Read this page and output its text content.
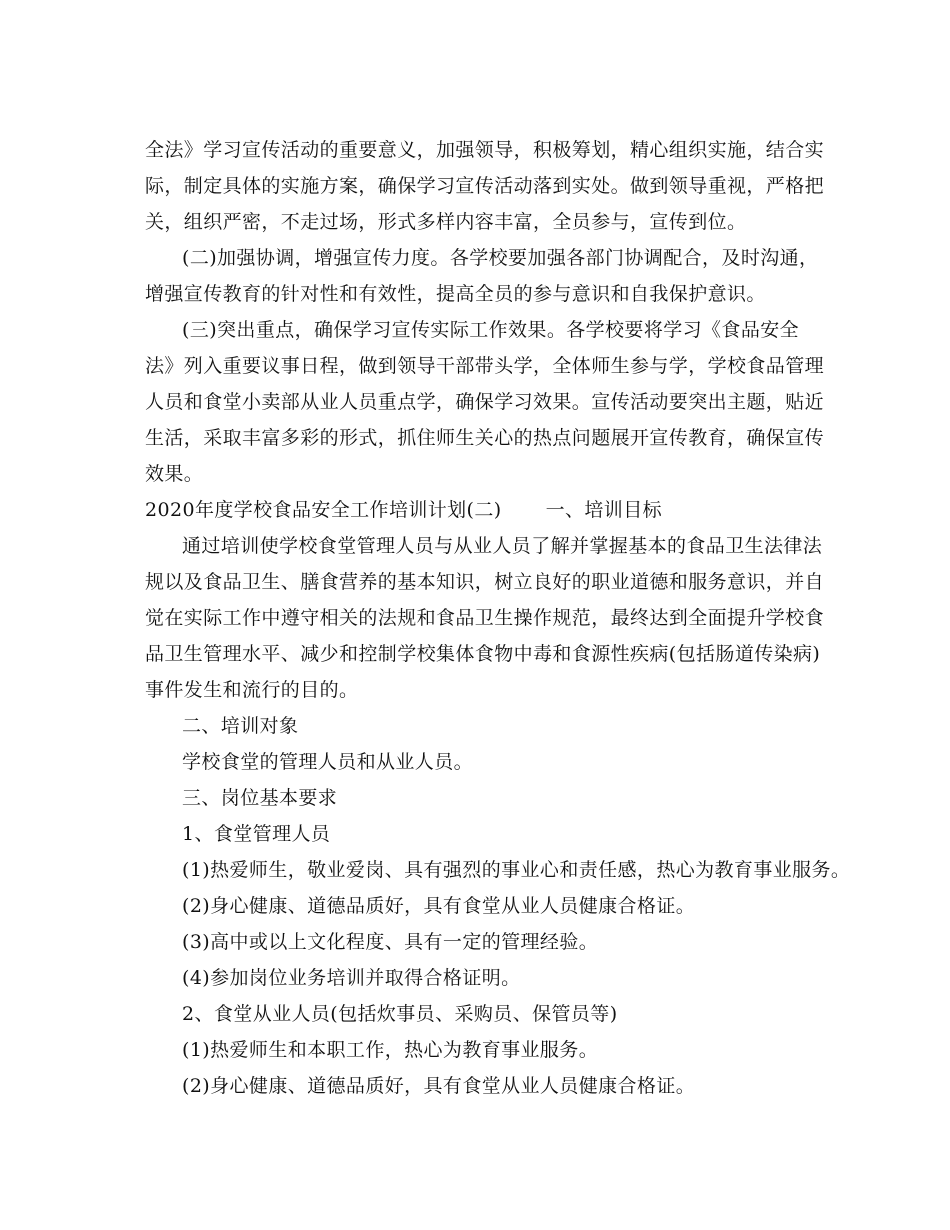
全法》学习宣传活动的重要意义，加强领导，积极筹划，精心组织实施，结合实
际，制定具体的实施方案，确保学习宣传活动落到实处。做到领导重视，严格把
关，组织严密，不走过场，形式多样内容丰富，全员参与，宣传到位。
(二)加强协调，增强宣传力度。各学校要加强各部门协调配合，及时沟通，
增强宣传教育的针对性和有效性，提高全员的参与意识和自我保护意识。
(三)突出重点，确保学习宣传实际工作效果。各学校要将学习《食品安全
法》列入重要议事日程，做到领导干部带头学，全体师生参与学，学校食品管理
人员和食堂小卖部从业人员重点学，确保学习效果。宣传活动要突出主题，贴近
生活，采取丰富多彩的形式，抓住师生关心的热点问题展开宣传教育，确保宣传
效果。
2020年度学校食品安全工作培训计划(二) 一、培训目标
通过培训使学校食堂管理人员与从业人员了解并掌握基本的食品卫生法律法
规以及食品卫生、膳食营养的基本知识，树立良好的职业道德和服务意识，并自
觉在实际工作中遵守相关的法规和食品卫生操作规范，最终达到全面提升学校食
品卫生管理水平、减少和控制学校集体食物中毒和食源性疾病(包括肠道传染病)
事件发生和流行的目的。
二、培训对象
学校食堂的管理人员和从业人员。
三、岗位基本要求
1、食堂管理人员
(1)热爱师生，敬业爱岗、具有强烈的事业心和责任感，热心为教育事业服务。
(2)身心健康、道德品质好，具有食堂从业人员健康合格证。
(3)高中或以上文化程度、具有一定的管理经验。
(4)参加岗位业务培训并取得合格证明。
2、食堂从业人员(包括炊事员、采购员、保管员等)
(1)热爱师生和本职工作，热心为教育事业服务。
(2)身心健康、道德品质好，具有食堂从业人员健康合格证。
